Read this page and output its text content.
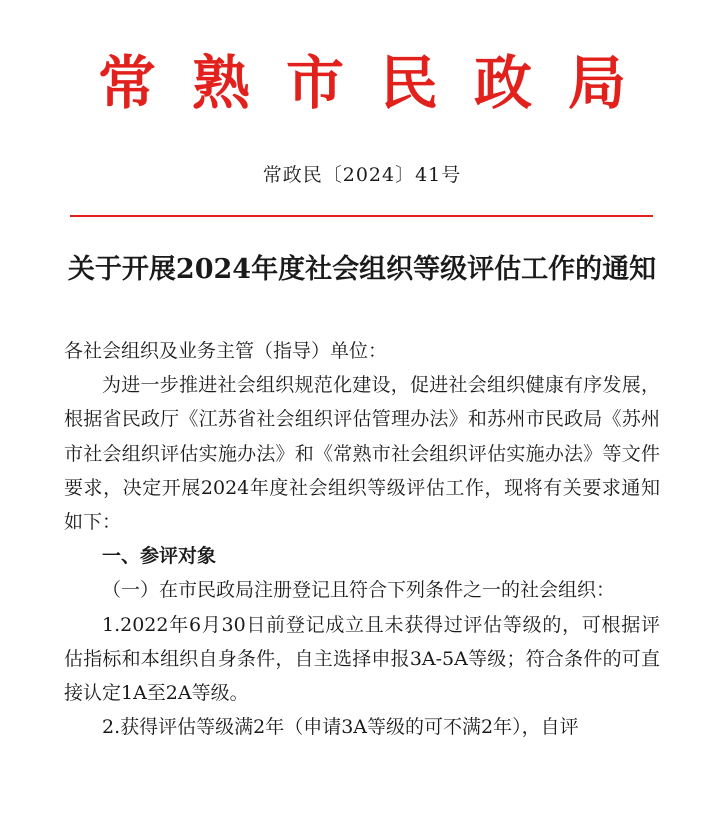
常熟市民政局
常政民〔2024〕41号
关于开展2024年度社会组织等级评估工作的通知

各社会组织及业务主管（指导）单位：

为进一步推进社会组织规范化建设，促进社会组织健康有序发展，根据省民政厅《江苏省社会组织评估管理办法》和苏州市民政局《苏州市社会组织评估实施办法》和《常熟市社会组织评估实施办法》等文件要求，决定开展2024年度社会组织等级评估工作，现将有关要求通知如下：

一、参评对象

（一）在市民政局注册登记且符合下列条件之一的社会组织：

1.2022年6月30日前登记成立且未获得过评估等级的，可根据评估指标和本组织自身条件，自主选择申报3A-5A等级；符合条件的可直接认定1A至2A等级。

2.获得评估等级满2年（申请3A等级的可不满2年），自评
